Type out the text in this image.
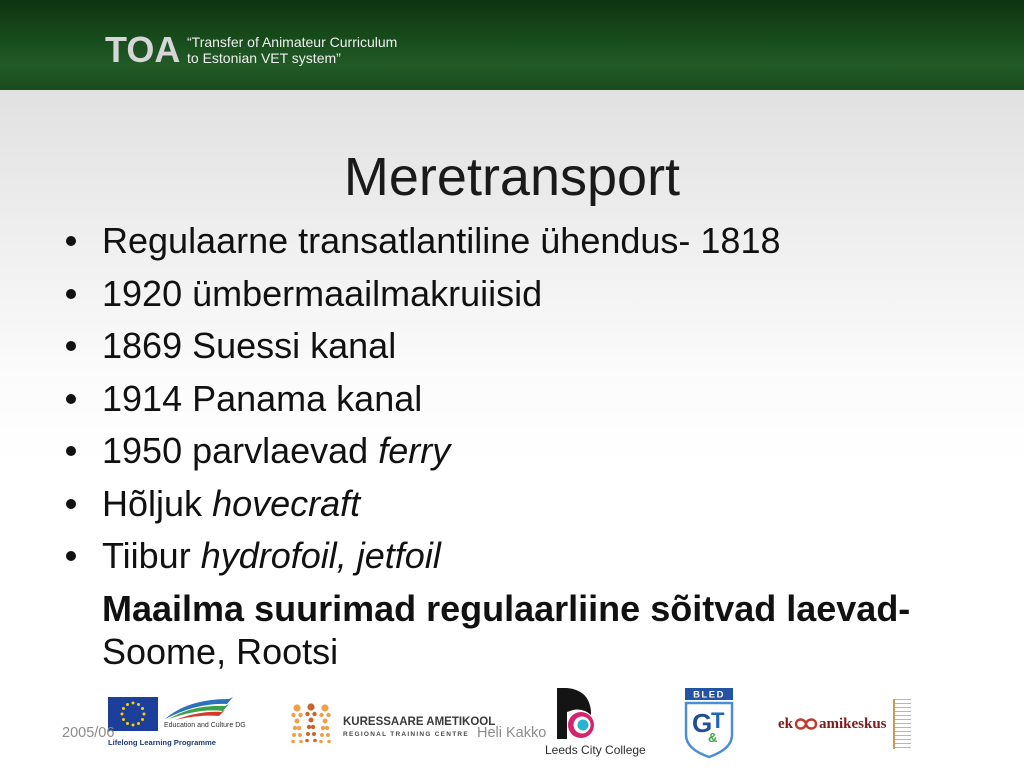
TOA “Transfer of Animateur Curriculum
to Estonian VET system”
Meretransport
Regulaarne transatlantiline ühendus- 1818
1920 ümbermaailmakruiisid
1869 Suessi kanal
1914 Panama kanal
1950 parvlaevad ferry
Hõljuk hovecraft
Tiibur hydrofoil, jetfoil
Maailma suurimad regulaarliine sõitvad laevad-
Soome, Rootsi
Education and Culture DG
Lifelong Learning Programme
KURESSAARE AMETIKOOL
REGIONAL TRAINING CENTRE
Leeds City College
BLED
G
&
T	ek amikeskus
2005/06	Heli Kakko
